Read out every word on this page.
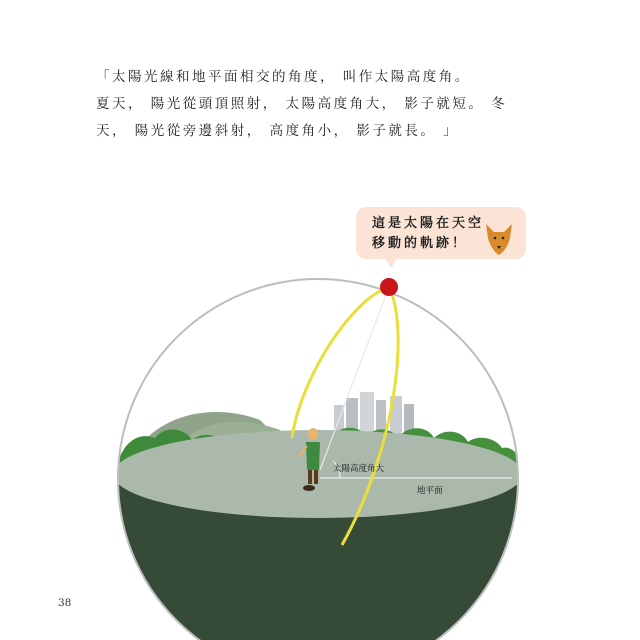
「太陽光線和地平面相交的角度， 叫作太陽高度角。
夏天， 陽光從頭頂照射， 太陽高度角大， 影子就短。 冬
天， 陽光從旁邊斜射， 高度角小， 影子就長。 」
這是太陽在天空
移動的軌跡！
太陽高度角大
地平面
38
